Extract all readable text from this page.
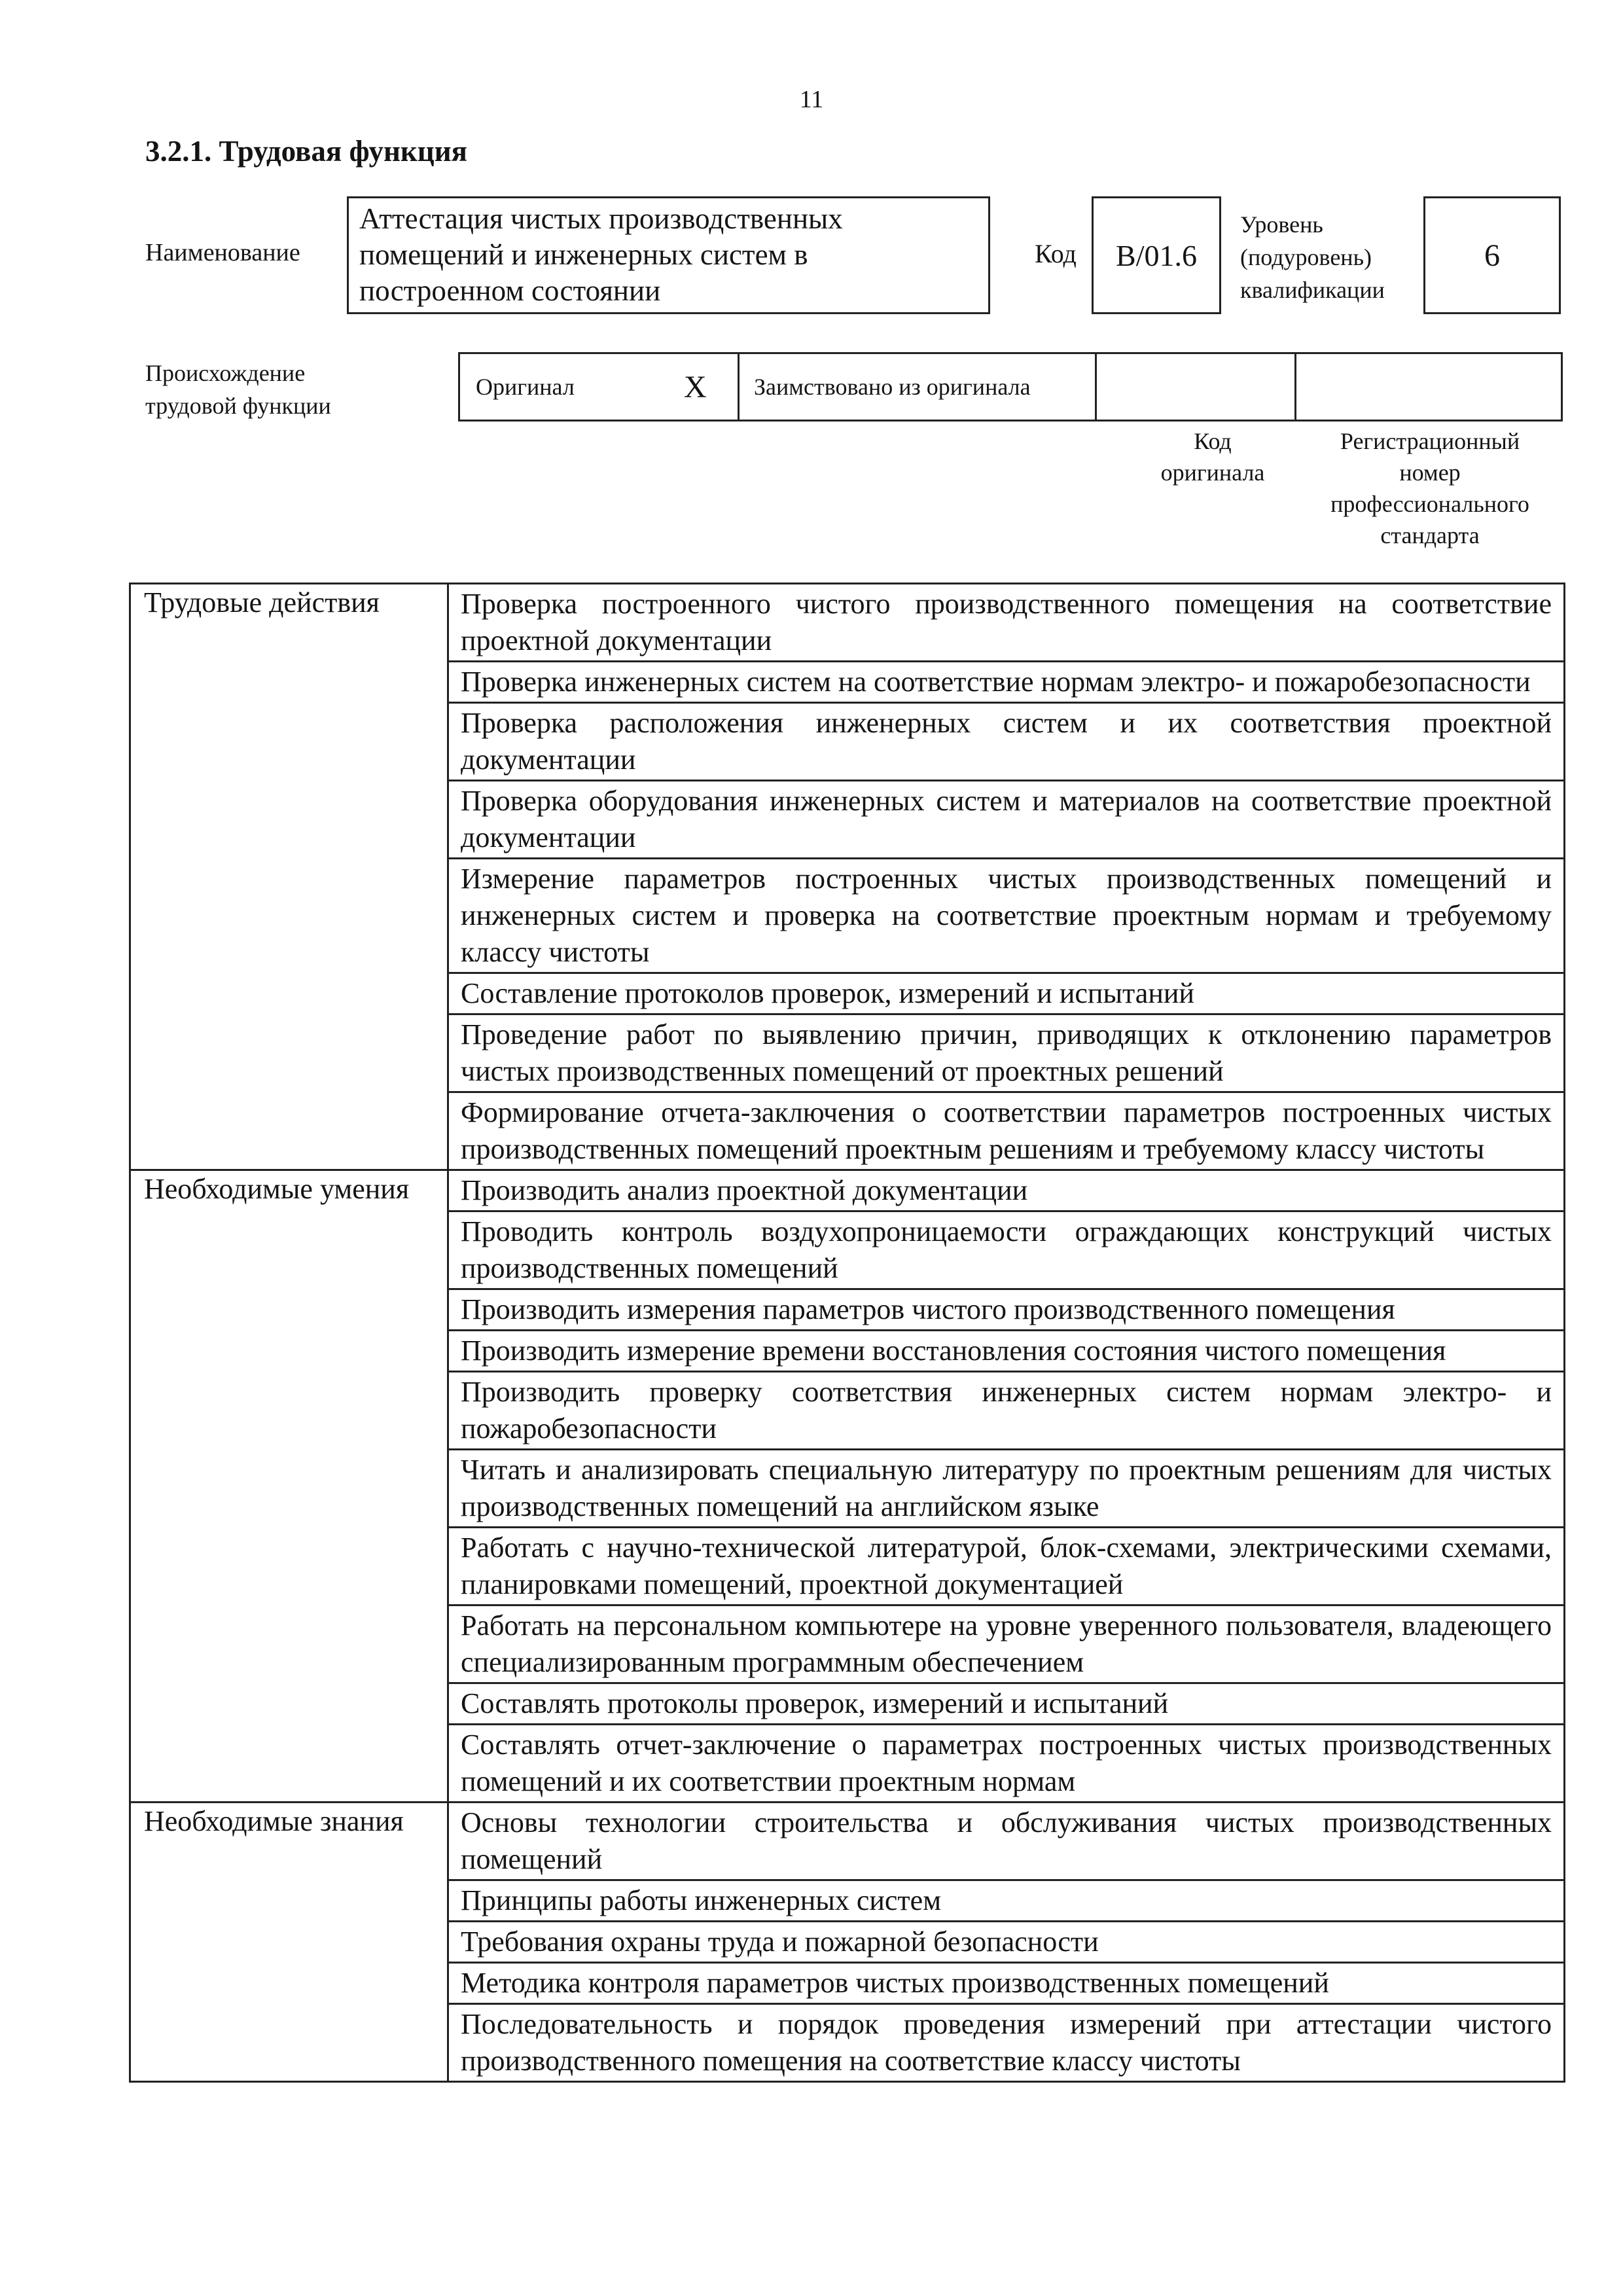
11
3.2.1. Трудовая функция
Наименование
Аттестация чистых производственных помещений и инженерных систем в построенном состоянии
Код B/01.6
Уровень
(подуровень)
квалификации
6
Происхождение
трудовой функции
Оригинал	X Заимствовано из оригинала
Код
оригинала
Регистрационный
номер
профессионального
стандарта
Трудовые действия	Проверка построенного чистого производственного помещения на соответствие проектной документации
	Проверка инженерных систем на соответствие нормам электро- и пожаробезопасности
	Проверка расположения инженерных систем и их соответствия проектной документации
	Проверка оборудования инженерных систем и материалов на соответствие проектной документации
	Измерение параметров построенных чистых производственных помещений и инженерных систем и проверка на соответствие проектным нормам и требуемому классу чистоты
	Составление протоколов проверок, измерений и испытаний
	Проведение работ по выявлению причин, приводящих к отклонению параметров чистых производственных помещений от проектных решений
	Формирование отчета-заключения о соответствии параметров построенных чистых производственных помещений проектным решениям и требуемому классу чистоты
Необходимые умения	Производить анализ проектной документации
	Проводить контроль воздухопроницаемости ограждающих конструкций чистых производственных помещений
	Производить измерения параметров чистого производственного помещения
	Производить измерение времени восстановления состояния чистого помещения
	Производить проверку соответствия инженерных систем нормам электро- и пожаробезопасности
	Читать и анализировать специальную литературу по проектным решениям для чистых производственных помещений на английском языке
	Работать с научно-технической литературой, блок-схемами, электрическими схемами, планировками помещений, проектной документацией
	Работать на персональном компьютере на уровне уверенного пользователя, владеющего специализированным программным обеспечением
	Составлять протоколы проверок, измерений и испытаний
	Составлять отчет-заключение о параметрах построенных чистых производственных помещений и их соответствии проектным нормам
Необходимые знания	Основы технологии строительства и обслуживания чистых производственных помещений
	Принципы работы инженерных систем
	Требования охраны труда и пожарной безопасности
	Методика контроля параметров чистых производственных помещений
	Последовательность и порядок проведения измерений при аттестации чистого производственного помещения на соответствие классу чистоты
